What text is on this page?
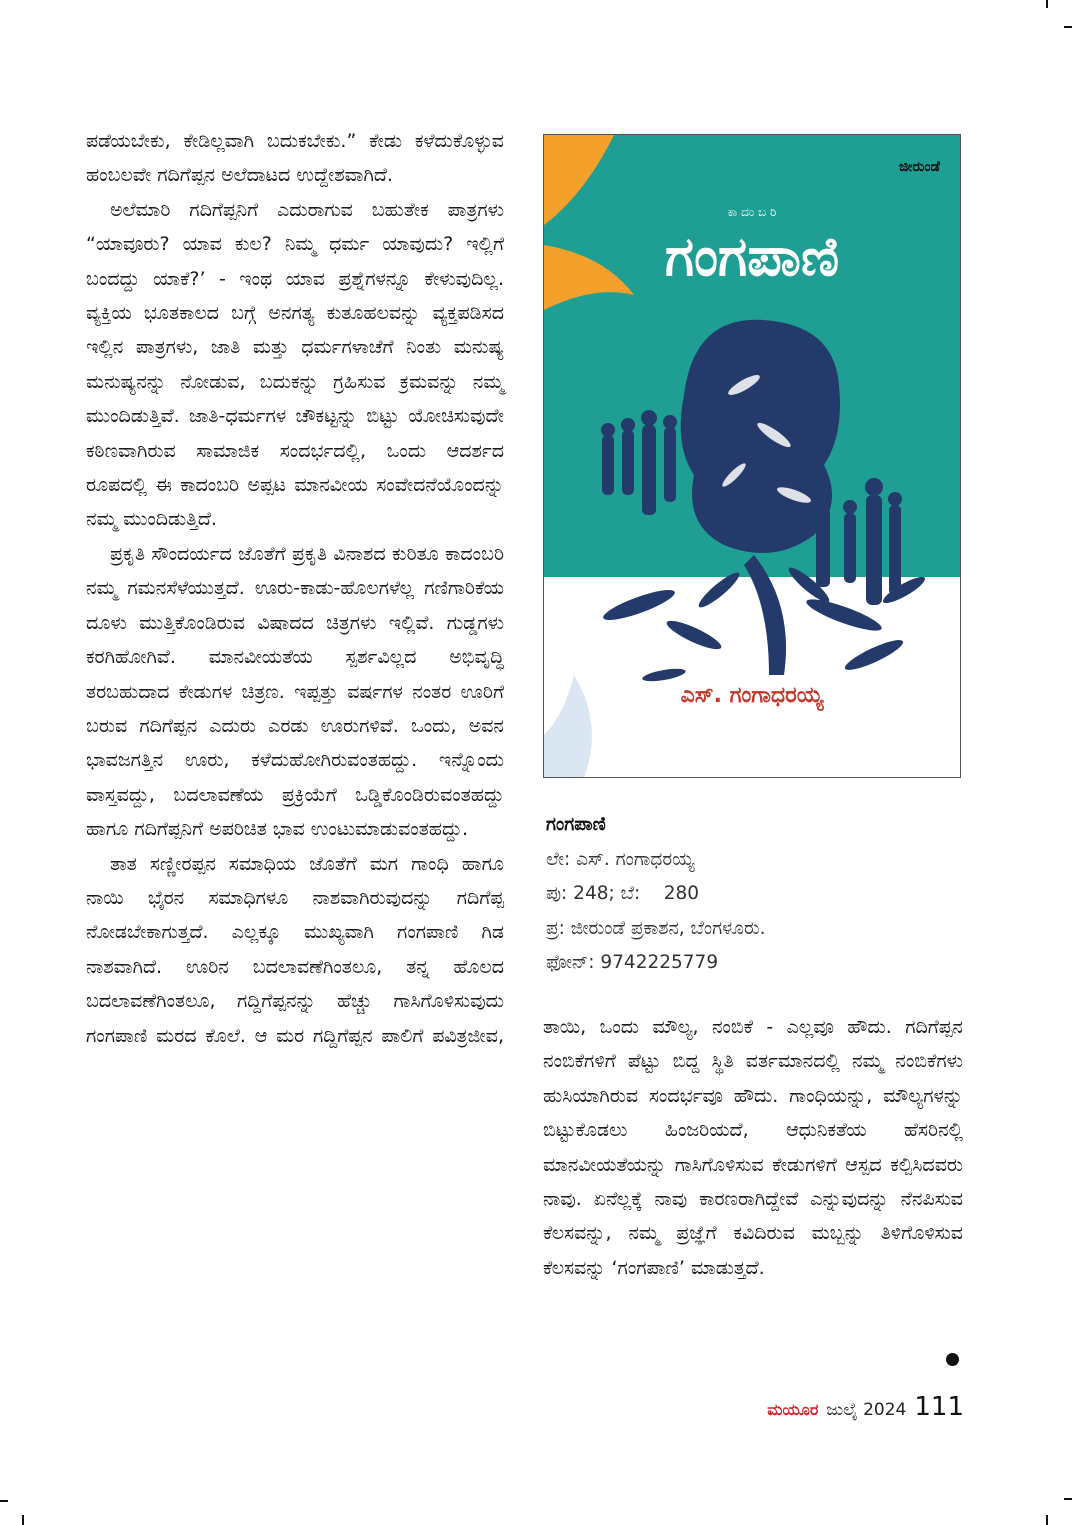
ಪಡೆಯಬೇಕು, ಕೇಡಿಲ್ಲವಾಗಿ ಬದುಕಬೇಕು.” ಕೇಡು ಕಳೆದುಕೊಳ್ಳುವ ಹಂಬಲವೇ ಗದಿಗೆಪ್ಪನ ಅಲೆದಾಟದ ಉದ್ದೇಶವಾಗಿದೆ.

ಅಲೆಮಾರಿ ಗದಿಗೆಪ್ಪನಿಗೆ ಎದುರಾಗುವ ಬಹುತೇಕ ಪಾತ್ರಗಳು “ಯಾವೂರು? ಯಾವ ಕುಲ? ನಿಮ್ಮ ಧರ್ಮ ಯಾವುದು? ಇಲ್ಲಿಗೆ ಬಂದದ್ದು ಯಾಕೆ?’ - ಇಂಥ ಯಾವ ಪ್ರಶ್ನೆಗಳನ್ನೂ ಕೇಳುವುದಿಲ್ಲ. ವ್ಯಕ್ತಿಯ ಭೂತಕಾಲದ ಬಗ್ಗೆ ಅನಗತ್ಯ ಕುತೂಹಲವನ್ನು ವ್ಯಕ್ತಪಡಿಸದ ಇಲ್ಲಿನ ಪಾತ್ರಗಳು, ಜಾತಿ ಮತ್ತು ಧರ್ಮಗಳಾಚೆಗೆ ನಿಂತು ಮನುಷ್ಯ ಮನುಷ್ಯನನ್ನು ನೋಡುವ, ಬದುಕನ್ನು ಗ್ರಹಿಸುವ ಕ್ರಮವನ್ನು ನಮ್ಮ ಮುಂದಿಡುತ್ತಿವೆ. ಜಾತಿ-ಧರ್ಮಗಳ ಚೌಕಟ್ಟನ್ನು ಬಿಟ್ಟು ಯೋಚಿಸುವುದೇ ಕಠಿಣವಾಗಿರುವ ಸಾಮಾಜಿಕ ಸಂದರ್ಭದಲ್ಲಿ, ಒಂದು ಆದರ್ಶದ ರೂಪದಲ್ಲಿ ಈ ಕಾದಂಬರಿ ಅಪ್ಪಟ ಮಾನವೀಯ ಸಂವೇದನೆಯೊಂದನ್ನು ನಮ್ಮ ಮುಂದಿಡುತ್ತಿದೆ.

ಪ್ರಕೃತಿ ಸೌಂದರ್ಯದ ಜೊತೆಗೆ ಪ್ರಕೃತಿ ವಿನಾಶದ ಕುರಿತೂ ಕಾದಂಬರಿ ನಮ್ಮ ಗಮನಸೆಳೆಯುತ್ತದೆ. ಊರು-ಕಾಡು-ಹೊಲಗಳೆಲ್ಲ ಗಣಿಗಾರಿಕೆಯ ದೂಳು ಮುತ್ತಿಕೊಂಡಿರುವ ವಿಷಾದದ ಚಿತ್ರಗಳು ಇಲ್ಲಿವೆ. ಗುಡ್ಡಗಳು ಕರಗಿಹೋಗಿವೆ. ಮಾನವೀಯತೆಯ ಸ್ಪರ್ಶವಿಲ್ಲದ ಅಭಿವೃದ್ಧಿ ತರಬಹುದಾದ ಕೇಡುಗಳ ಚಿತ್ರಣ. ಇಪ್ಪತ್ತು ವರ್ಷಗಳ ನಂತರ ಊರಿಗೆ ಬರುವ ಗದಿಗೆಪ್ಪನ ಎದುರು ಎರಡು ಊರುಗಳಿವೆ. ಒಂದು, ಅವನ ಭಾವಜಗತ್ತಿನ ಊರು, ಕಳೆದುಹೋಗಿರುವಂತಹದ್ದು. ಇನ್ನೊಂದು ವಾಸ್ತವದ್ದು, ಬದಲಾವಣೆಯ ಪ್ರಕ್ರಿಯೆಗೆ ಒಡ್ಡಿಕೊಂಡಿರುವಂತಹದ್ದು ಹಾಗೂ ಗದಿಗೆಪ್ಪನಿಗೆ ಅಪರಿಚಿತ ಭಾವ ಉಂಟುಮಾಡುವಂತಹದ್ದು.

ತಾತ ಸಣ್ಣೀರಪ್ಪನ ಸಮಾಧಿಯ ಜೊತೆಗೆ ಮಗ ಗಾಂಧಿ ಹಾಗೂ ನಾಯಿ ಭೈರನ ಸಮಾಧಿಗಳೂ ನಾಶವಾಗಿರುವುದನ್ನು ಗದಿಗೆಪ್ಪ ನೋಡಬೇಕಾಗುತ್ತದೆ. ಎಲ್ಲಕ್ಕೂ ಮುಖ್ಯವಾಗಿ ಗಂಗಪಾಣಿ ಗಿಡ ನಾಶವಾಗಿದೆ. ಊರಿನ ಬದಲಾವಣೆಗಿಂತಲೂ, ತನ್ನ ಹೊಲದ ಬದಲಾವಣೆಗಿಂತಲೂ, ಗದ್ದಿಗೆಪ್ಪನನ್ನು ಹೆಚ್ಚು ಗಾಸಿಗೊಳಿಸುವುದು ಗಂಗಪಾಣಿ ಮರದ ಕೊಲೆ. ಆ ಮರ ಗದ್ದಿಗೆಪ್ಪನ ಪಾಲಿಗೆ ಪವಿತ್ರಜೀವ,

ಜೀರುಂಡೆ
ಕಾ ದಂ ಬ ರಿ
ಗಂಗಪಾಣಿ
ಎಸ್. ಗಂಗಾಧರಯ್ಯ
ಗಂಗಪಾಣಿ
ಲೇ: ಎಸ್. ಗಂಗಾಧರಯ್ಯ
ಪು: 248; ಬೆ:    280
ಪ್ರ: ಜೀರುಂಡೆ ಪ್ರಕಾಶನ, ಬೆಂಗಳೂರು.
ಫೋನ್: 9742225779

ತಾಯಿ, ಒಂದು ಮೌಲ್ಯ, ನಂಬಿಕೆ - ಎಲ್ಲವೂ ಹೌದು. ಗದಿಗೆಪ್ಪನ ನಂಬಿಕೆಗಳಿಗೆ ಪೆಟ್ಟು ಬಿದ್ದ ಸ್ಥಿತಿ ವರ್ತಮಾನದಲ್ಲಿ ನಮ್ಮ ನಂಬಿಕೆಗಳು ಹುಸಿಯಾಗಿರುವ ಸಂದರ್ಭವೂ ಹೌದು. ಗಾಂಧಿಯನ್ನು, ಮೌಲ್ಯಗಳನ್ನು ಬಿಟ್ಟುಕೊಡಲು ಹಿಂಜರಿಯದೆ, ಆಧುನಿಕತೆಯ ಹೆಸರಿನಲ್ಲಿ ಮಾನವೀಯತೆಯನ್ನು ಗಾಸಿಗೊಳಿಸುವ ಕೇಡುಗಳಿಗೆ ಆಸ್ಪದ ಕಲ್ಪಿಸಿದವರು ನಾವು. ಏನೆಲ್ಲಕ್ಕೆ ನಾವು ಕಾರಣರಾಗಿದ್ದೇವೆ ಎನ್ನುವುದನ್ನು ನೆನಪಿಸುವ ಕೆಲಸವನ್ನು, ನಮ್ಮ ಪ್ರಜ್ಞೆಗೆ ಕವಿದಿರುವ ಮಬ್ಬನ್ನು ತಿಳಿಗೊಳಿಸುವ ಕೆಲಸವನ್ನು ‘ಗಂಗಪಾಣಿ’ ಮಾಡುತ್ತದೆ.

ಮಯೂರ ಜುಲೈ 2024 111
